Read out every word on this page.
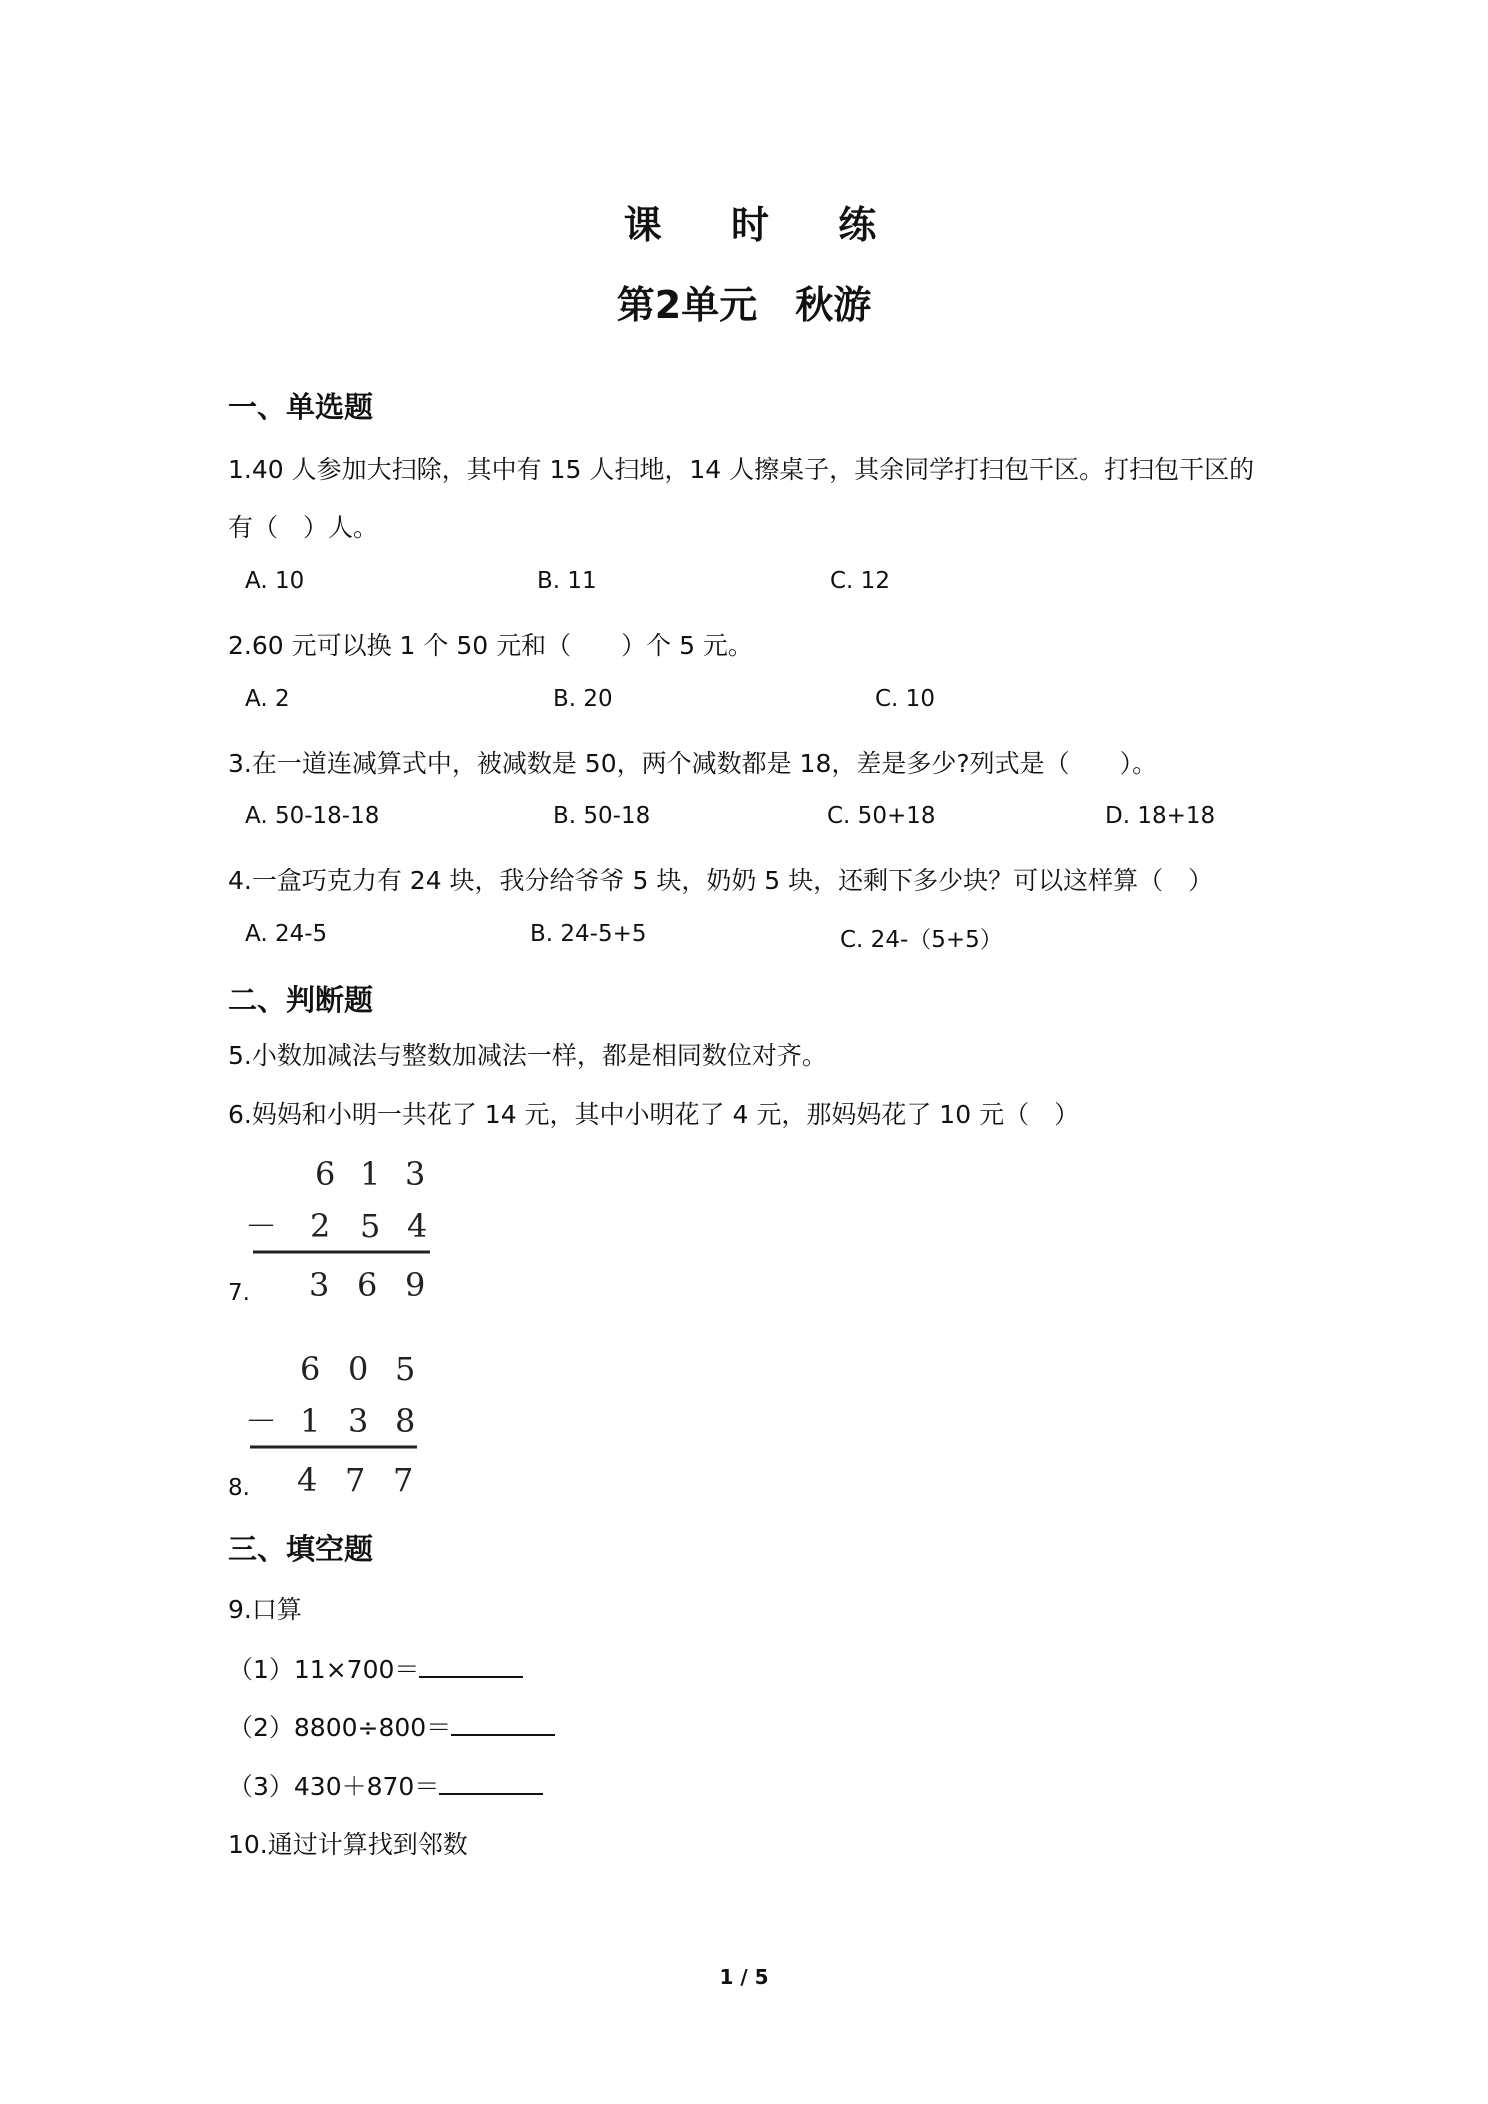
课 时 练
第2单元　秋游
一、单选题
1.40 人参加大扫除，其中有 15 人扫地，14 人擦桌子，其余同学打扫包干区。打扫包干区的
有（　）人。
A. 10	B. 11	C. 12
2.60 元可以换 1 个 50 元和（　　）个 5 元。
A. 2	B. 20	C. 10
3.在一道连减算式中，被减数是 50，两个减数都是 18，差是多少?列式是（　　）。
A. 50-18-18	B. 50-18	C. 50+18	D. 18+18
4.一盒巧克力有 24 块，我分给爷爷 5 块，奶奶 5 块，还剩下多少块？可以这样算（　）
A. 24-5	B. 24-5+5	C. 24-（5+5）
二、判断题
5.小数加减法与整数加减法一样，都是相同数位对齐。
6.妈妈和小明一共花了 14 元，其中小明花了 4 元，那妈妈花了 10 元（　）
6 1 3
－ 2 5 4
3 6 9
7.
6 0 5
－ 1 3 8
4 7 7
8.
三、填空题
9.口算
（1）11×700＝
（2）8800÷800＝
（3）430＋870＝
10.通过计算找到邻数
1 / 5
